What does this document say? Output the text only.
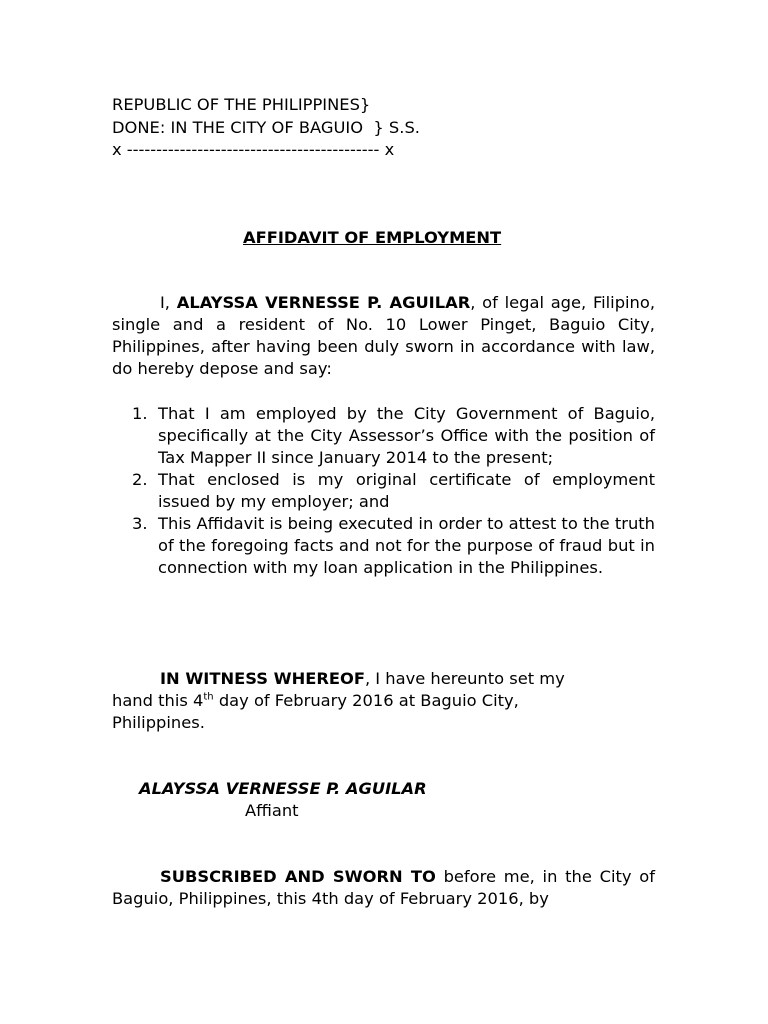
REPUBLIC OF THE PHILIPPINES}
DONE: IN THE CITY OF BAGUIO  } S.S.
x ------------------------------------------- x
AFFIDAVIT OF EMPLOYMENT
I, ALAYSSA VERNESSE P. AGUILAR, of legal age, Filipino, single and a resident of No. 10 Lower Pinget, Baguio City, Philippines, after having been duly sworn in accordance with law, do hereby depose and say:
1. That I am employed by the City Government of Baguio, specifically at the City Assessor’s Office with the position of Tax Mapper II since January 2014 to the present;
2. That enclosed is my original certificate of employment issued by my employer; and
3. This Affidavit is being executed in order to attest to the truth of the foregoing facts and not for the purpose of fraud but in connection with my loan application in the Philippines.
IN WITNESS WHEREOF, I have hereunto set my
hand this 4th day of February 2016 at Baguio City,
Philippines.
ALAYSSA VERNESSE P. AGUILAR
Affiant
SUBSCRIBED AND SWORN TO before me, in the City of Baguio, Philippines, this 4th day of February 2016, by
